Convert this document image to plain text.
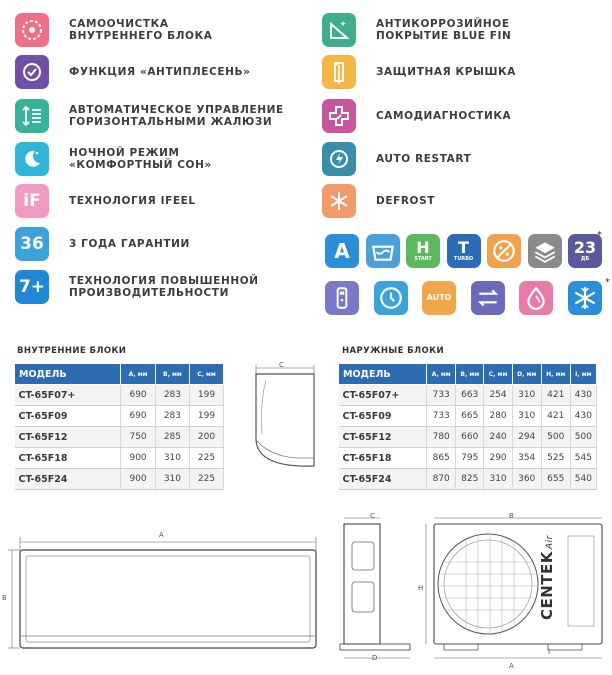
САМООЧИСТКА
ВНУТРЕННЕГО БЛОКА
ФУНКЦИЯ «АНТИПЛЕСЕНЬ»
АВТОМАТИЧЕСКОЕ УПРАВЛЕНИЕ
ГОРИЗОНТАЛЬНЫМИ ЖАЛЮЗИ
НОЧНОЙ РЕЖИМ
«КОМФОРТНЫЙ СОН»
iF	ТЕХНОЛОГИЯ IFEEL
36	3 ГОДА ГАРАНТИИ
7+	ТЕХНОЛОГИЯ ПОВЫШЕННОЙ
ПРОИЗВОДИТЕЛЬНОСТИ
АНТИКОРРОЗИЙНОЕ
ПОКРЫТИЕ BLUE FIN
ЗАЩИТНАЯ КРЫШКА
САМОДИАГНОСТИКА
AUTO RESTART
DEFROST
A	H
START
T
TURBO
23
ДБ
AUTO
*
*
ВНУТРЕННИЕ БЛОКИ
МОДЕЛЬ	A, мм	B, мм	C, мм
CT-65F07+	690	283	199
CT-65F09	690	283	199
CT-65F12	750	285	200
CT-65F18	900	310	225
CT-65F24	900	310	225
НАРУЖНЫЕ БЛОКИ
МОДЕЛЬ	A, мм	B, мм	C, мм	D, мм	H, мм	I, мм
CT-65F07+	733	663	254	310	421	430
CT-65F09	733	665	280	310	421	430
CT-65F12	780	660	240	294	500	500
CT-65F18	865	795	290	354	525	545
CT-65F24	870	825	310	360	655	540
C
A
B
C
D
B
H
A
I
CENTEKAir
